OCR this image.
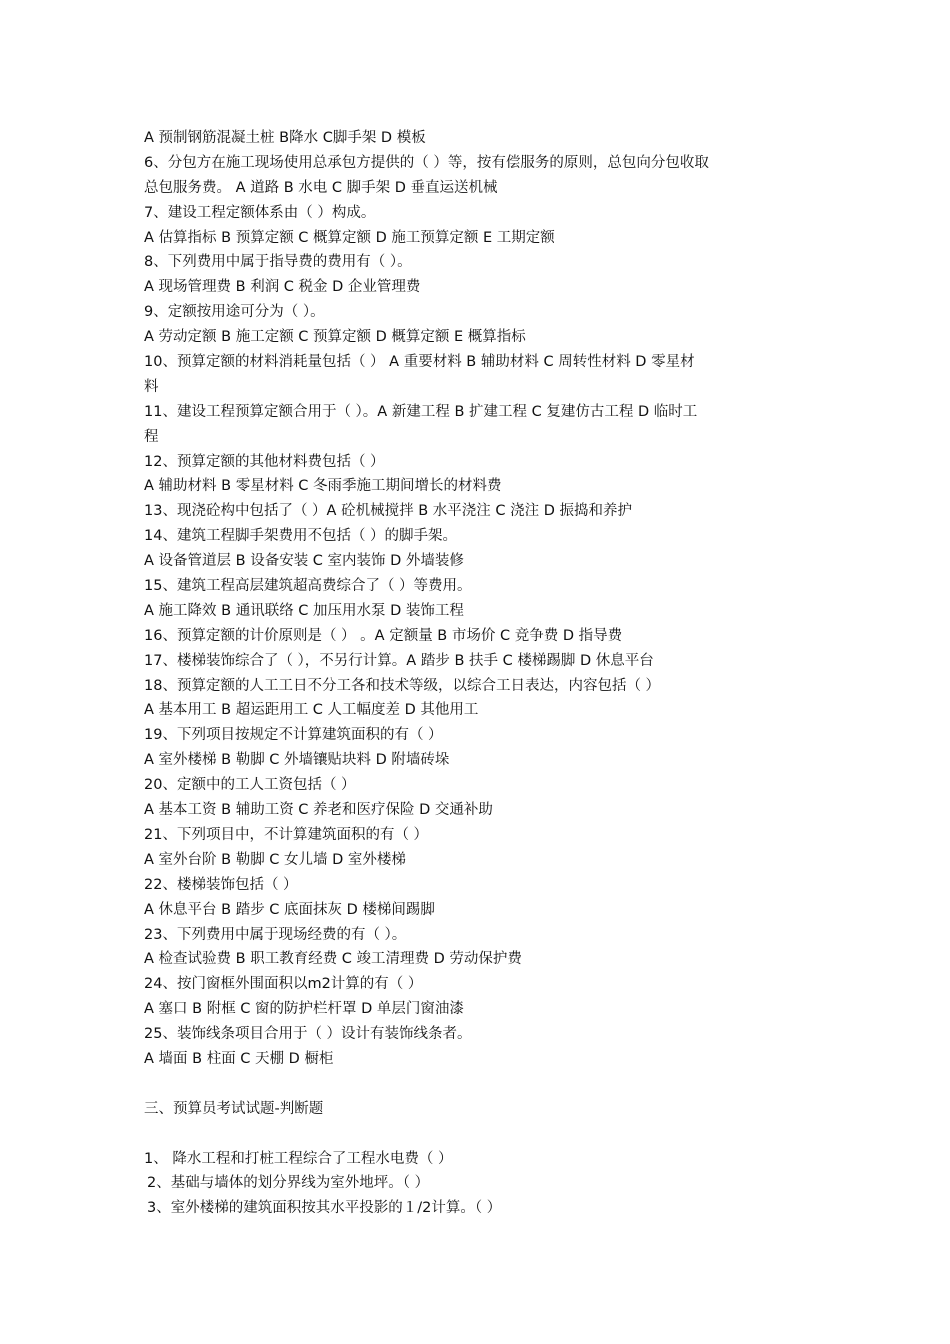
A 预制钢筋混凝土桩 B降水 C脚手架 D 模板
6、分包方在施工现场使用总承包方提供的（ ）等，按有偿服务的原则，总包向分包收取
总包服务费。 A 道路 B 水电 C 脚手架 D 垂直运送机械
7、建设工程定额体系由（ ）构成。
A 估算指标 B 预算定额 C 概算定额 D 施工预算定额 E 工期定额
8、下列费用中属于指导费的费用有（ ）。
A 现场管理费 B 利润 C 税金 D 企业管理费
9、定额按用途可分为（ ）。
A 劳动定额 B 施工定额 C 预算定额 D 概算定额 E 概算指标
10、预算定额的材料消耗量包括（ ） A 重要材料 B 辅助材料 C 周转性材料 D 零星材
料
11、建设工程预算定额合用于（ ）。A 新建工程 B 扩建工程 C 复建仿古工程 D 临时工
程
12、预算定额的其他材料费包括（ ）
A 辅助材料 B 零星材料 C 冬雨季施工期间增长的材料费
13、现浇砼构中包括了（ ）A 砼机械搅拌 B 水平浇注 C 浇注 D 振捣和养护
14、建筑工程脚手架费用不包括（ ）的脚手架。
A 设备管道层 B 设备安装 C 室内装饰 D 外墙装修
15、建筑工程高层建筑超高费综合了（ ）等费用。
A 施工降效 B 通讯联络 C 加压用水泵 D 装饰工程
16、预算定额的计价原则是（ ） 。A 定额量 B 市场价 C 竞争费 D 指导费
17、楼梯装饰综合了（ ），不另行计算。A 踏步 B 扶手 C 楼梯踢脚 D 休息平台
18、预算定额的人工工日不分工各和技术等级，以综合工日表达，内容包括（ ）
A 基本用工 B 超运距用工 C 人工幅度差 D 其他用工
19、下列项目按规定不计算建筑面积的有（ ）
A 室外楼梯 B 勒脚 C 外墙镶贴块料 D 附墙砖垛
20、定额中的工人工资包括（ ）
A 基本工资 B 辅助工资 C 养老和医疗保险 D 交通补助
21、下列项目中，不计算建筑面积的有（ ）
A 室外台阶 B 勒脚 C 女儿墙 D 室外楼梯
22、楼梯装饰包括（ ）
A 休息平台 B 踏步 C 底面抹灰 D 楼梯间踢脚
23、下列费用中属于现场经费的有（ ）。
A 检查试验费 B 职工教育经费 C 竣工清理费 D 劳动保护费
24、按门窗框外围面积以m2计算的有（ ）
A 塞口 B 附框 C 窗的防护栏杆罩 D 单层门窗油漆
25、装饰线条项目合用于（ ）设计有装饰线条者。
A 墙面 B 柱面 C 天棚 D 橱柜
三、预算员考试试题-判断题
1、 降水工程和打桩工程综合了工程水电费（ ）
2、基础与墙体的划分界线为室外地坪。（ ）
3、室外楼梯的建筑面积按其水平投影的１/2计算。（ ）
